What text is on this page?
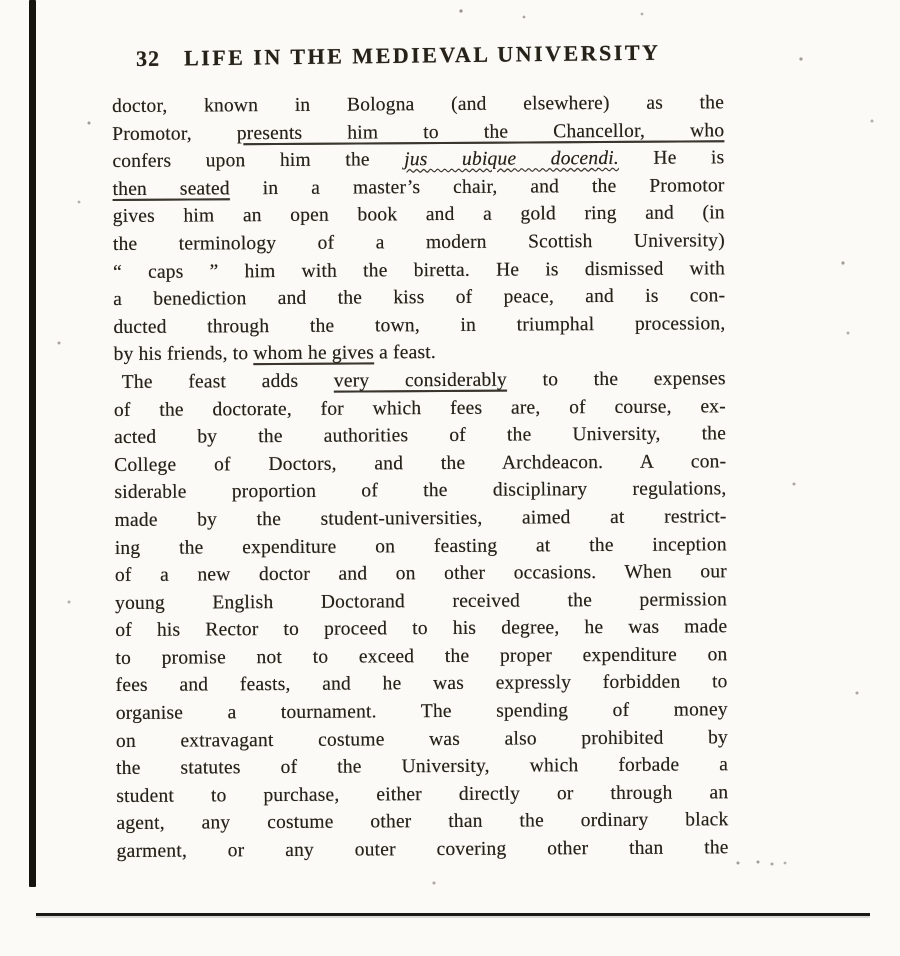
32 LIFE IN THE MEDIEVAL UNIVERSITY
doctor, known in Bologna (and elsewhere) as the
Promotor, presents him to the Chancellor, who
confers upon him the jus ubique docendi. He is
then seated in a master’s chair, and the Promotor
gives him an open book and a gold ring and (in
the terminology of a modern Scottish University)
“ caps ” him with the biretta. He is dismissed with
a benediction and the kiss of peace, and is con-
ducted through the town, in triumphal procession,
by his friends, to whom he gives a feast.
The feast adds very considerably to the expenses
of the doctorate, for which fees are, of course, ex-
acted by the authorities of the University, the
College of Doctors, and the Archdeacon. A con-
siderable proportion of the disciplinary regulations,
made by the student-universities, aimed at restrict-
ing the expenditure on feasting at the inception
of a new doctor and on other occasions. When our
young English Doctorand received the permission
of his Rector to proceed to his degree, he was made
to promise not to exceed the proper expenditure on
fees and feasts, and he was expressly forbidden to
organise a tournament. The spending of money
on extravagant costume was also prohibited by
the statutes of the University, which forbade a
student to purchase, either directly or through an
agent, any costume other than the ordinary black
garment, or any outer covering other than the
